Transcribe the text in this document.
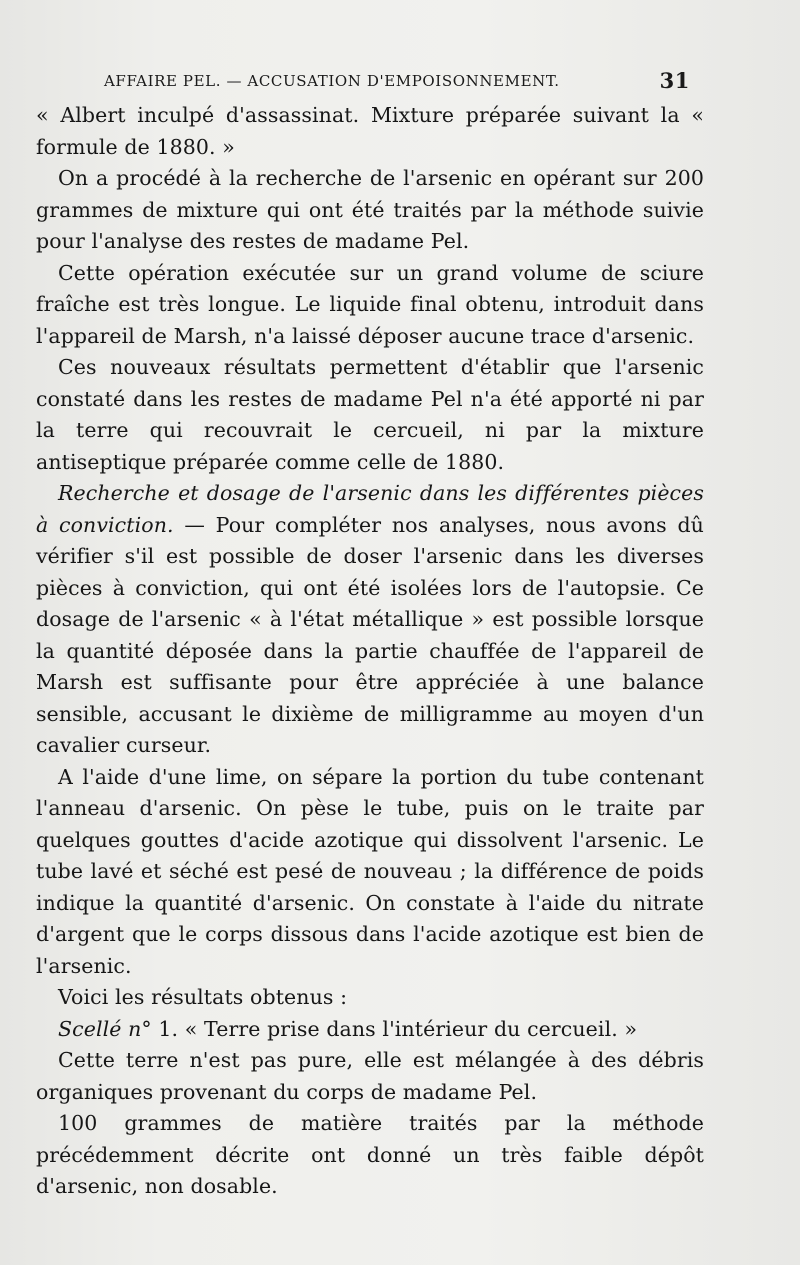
AFFAIRE PEL. — ACCUSATION D'EMPOISONNEMENT.	31

« Albert inculpé d'assassinat. Mixture préparée suivant la « formule de 1880. »

On a procédé à la recherche de l'arsenic en opérant sur 200 grammes de mixture qui ont été traités par la méthode suivie pour l'analyse des restes de madame Pel.

Cette opération exécutée sur un grand volume de sciure fraîche est très longue. Le liquide final obtenu, introduit dans l'appareil de Marsh, n'a laissé déposer aucune trace d'arsenic.

Ces nouveaux résultats permettent d'établir que l'arsenic constaté dans les restes de madame Pel n'a été apporté ni par la terre qui recouvrait le cercueil, ni par la mixture antiseptique préparée comme celle de 1880.

Recherche et dosage de l'arsenic dans les différentes pièces à conviction. — Pour compléter nos analyses, nous avons dû vérifier s'il est possible de doser l'arsenic dans les diverses pièces à conviction, qui ont été isolées lors de l'autopsie. Ce dosage de l'arsenic « à l'état métallique » est possible lorsque la quantité déposée dans la partie chauffée de l'appareil de Marsh est suffisante pour être appréciée à une balance sensible, accusant le dixième de milligramme au moyen d'un cavalier curseur.

A l'aide d'une lime, on sépare la portion du tube contenant l'anneau d'arsenic. On pèse le tube, puis on le traite par quelques gouttes d'acide azotique qui dissolvent l'arsenic. Le tube lavé et séché est pesé de nouveau ; la différence de poids indique la quantité d'arsenic. On constate à l'aide du nitrate d'argent que le corps dissous dans l'acide azotique est bien de l'arsenic.

Voici les résultats obtenus :

Scellé n° 1. « Terre prise dans l'intérieur du cercueil. »

Cette terre n'est pas pure, elle est mélangée à des débris organiques provenant du corps de madame Pel.

100 grammes de matière traités par la méthode précédemment décrite ont donné un très faible dépôt d'arsenic, non dosable.
